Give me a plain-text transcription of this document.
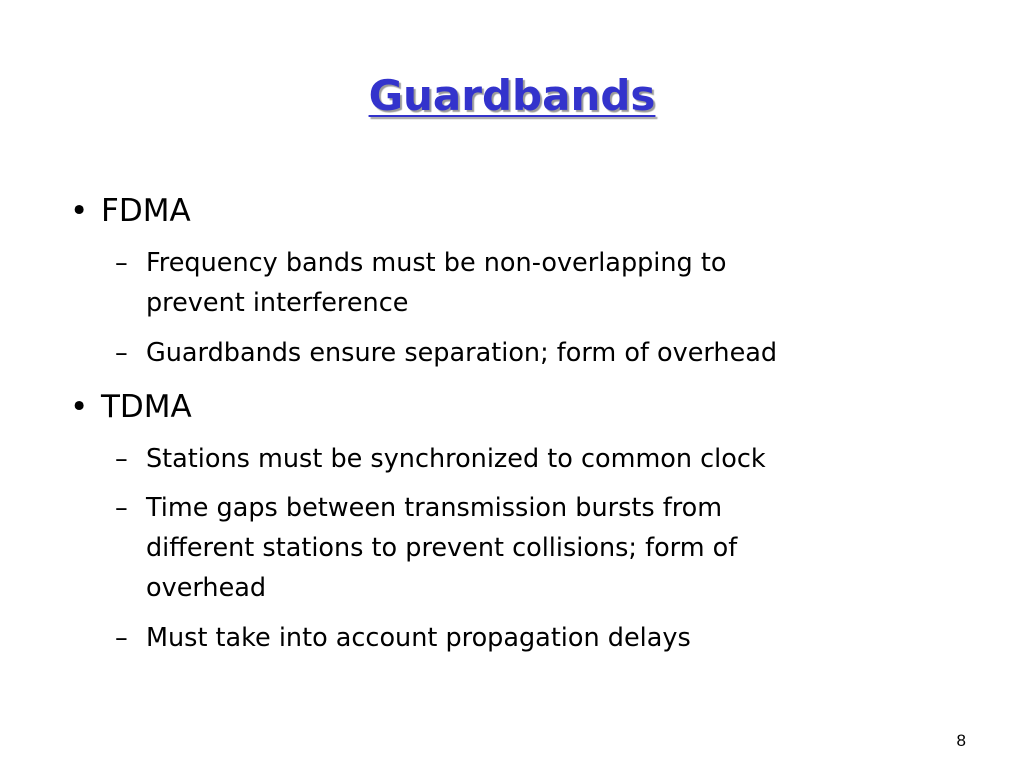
Guardbands
• FDMA
– Frequency bands must be non-overlapping to
prevent interference
– Guardbands ensure separation; form of overhead
• TDMA
– Stations must be synchronized to common clock
– Time gaps between transmission bursts from
different stations to prevent collisions; form of
overhead
– Must take into account propagation delays
8
